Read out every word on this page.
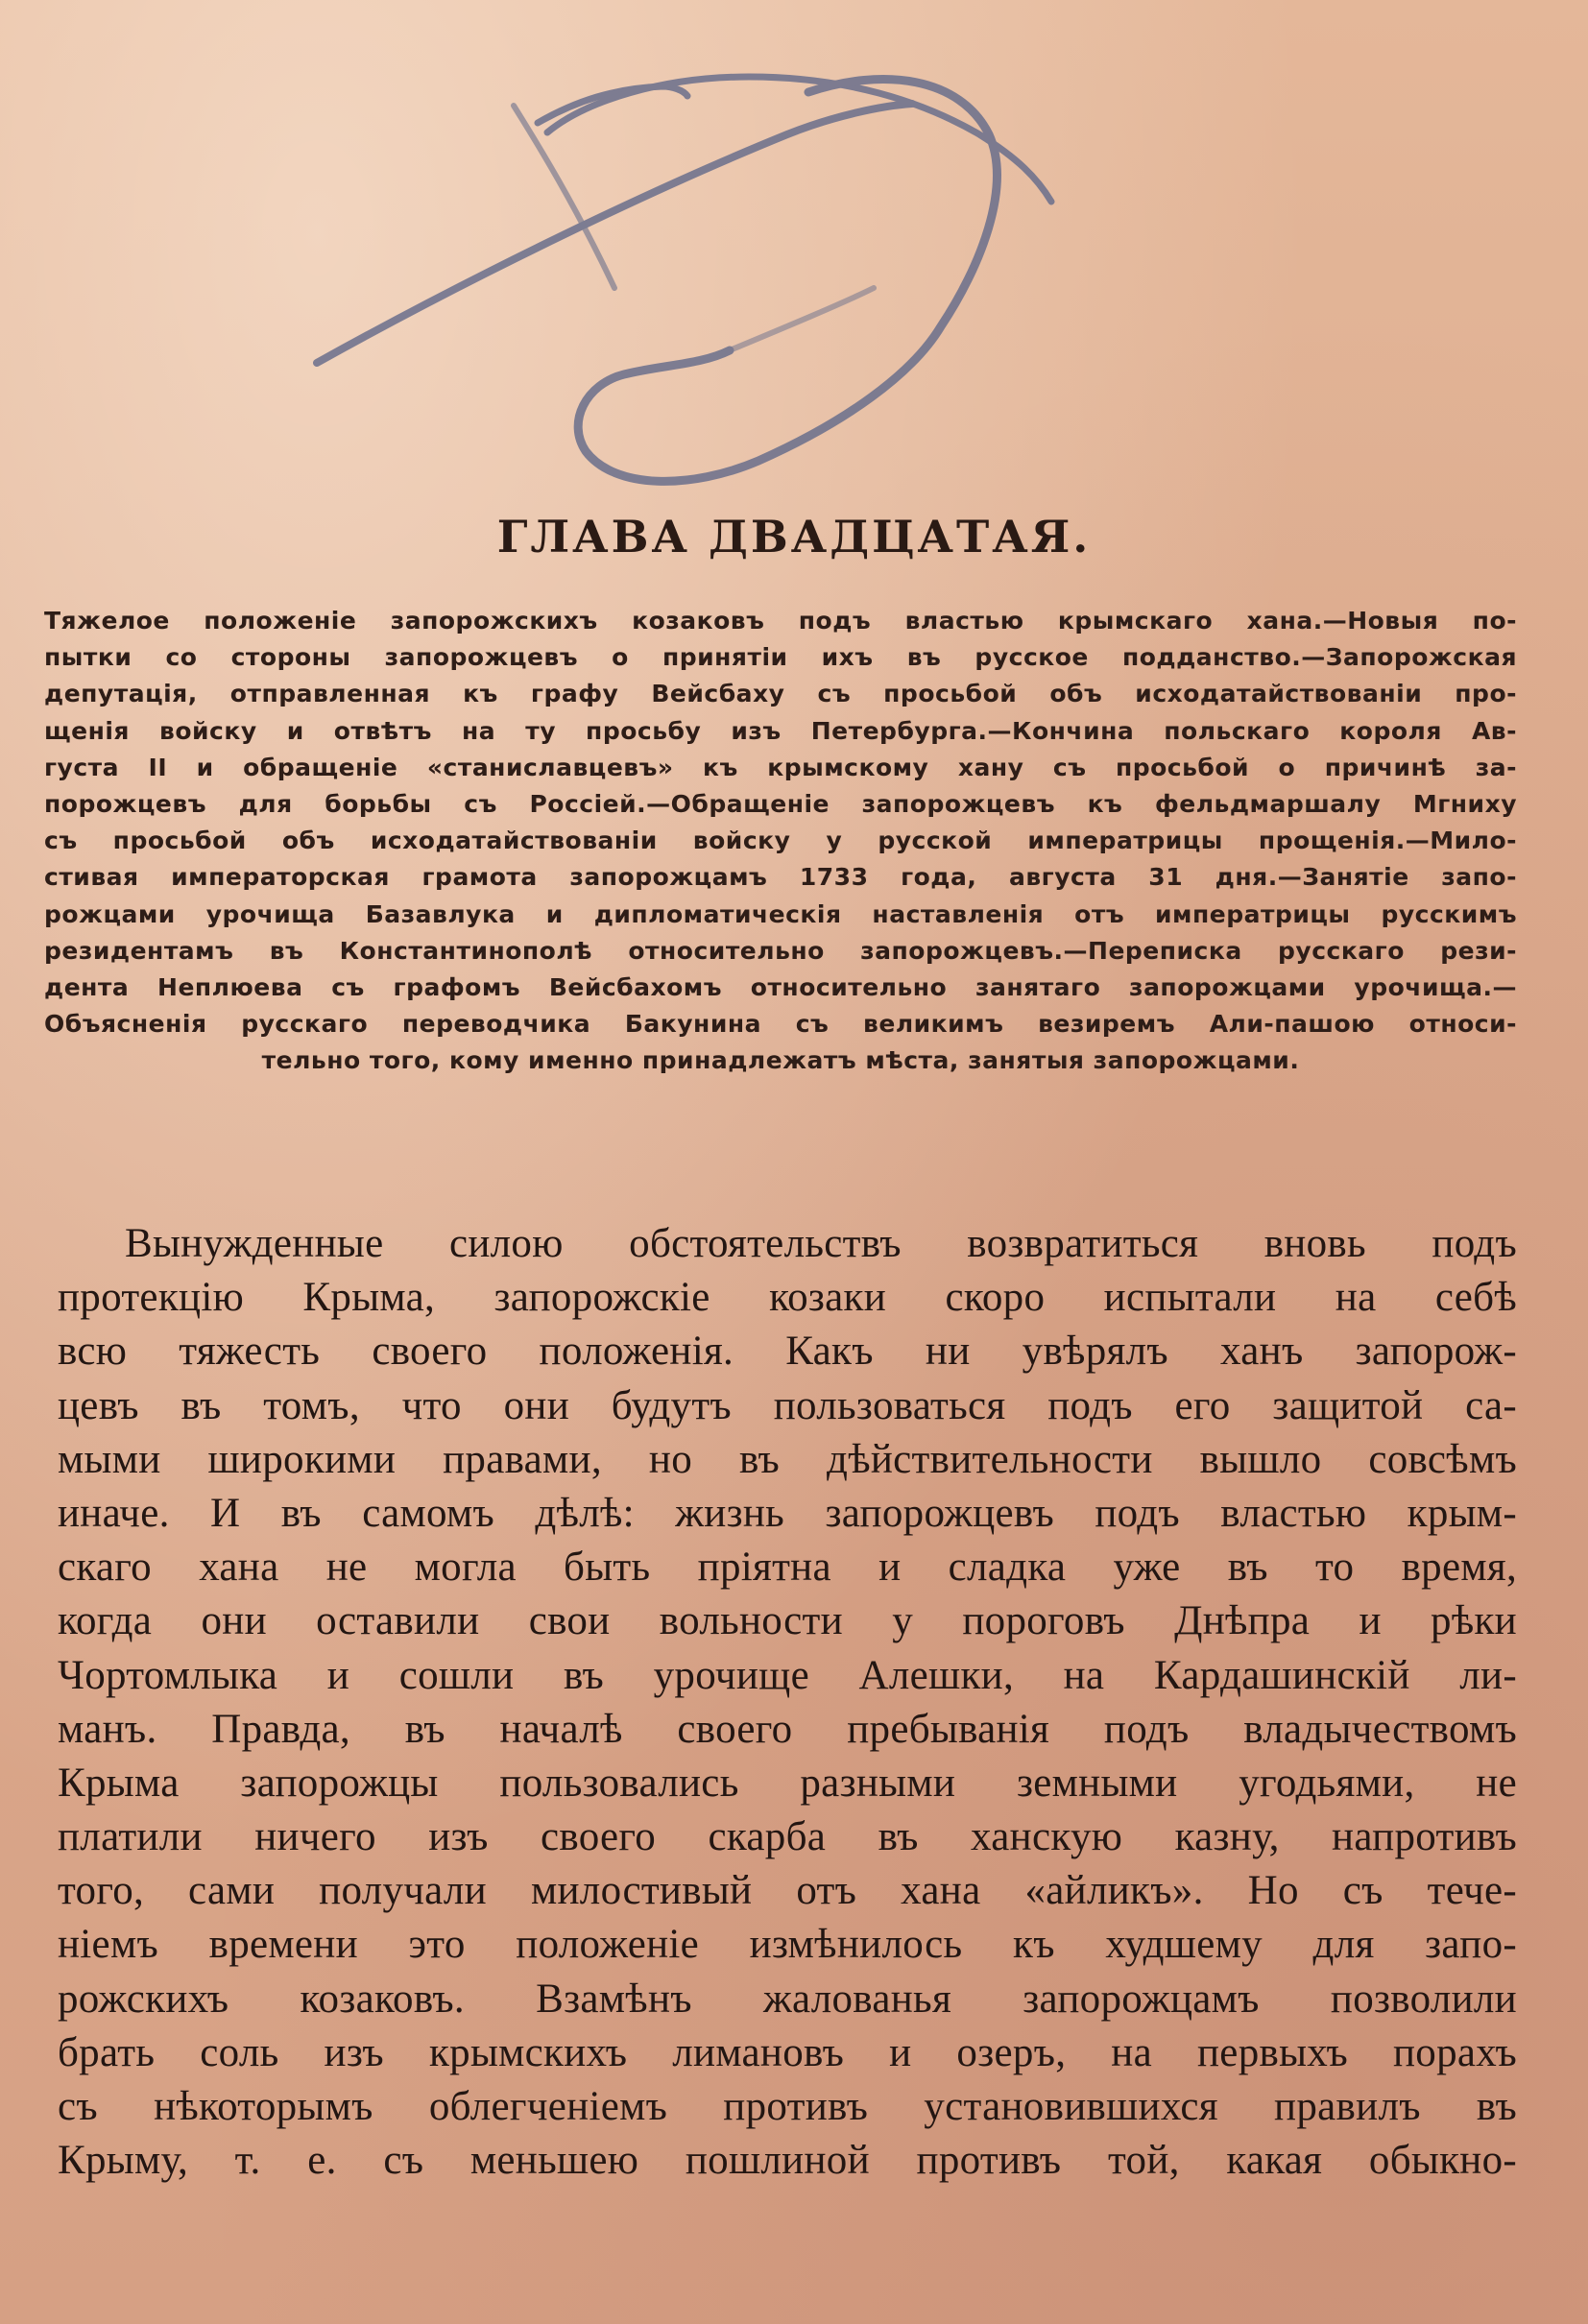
ГЛАВА ДВАДЦАТАЯ.
Тяжелое положенiе запорожскихъ козаковъ подъ властью крымскаго хана.—Новыя по-
пытки со стороны запорожцевъ о принятiи ихъ въ русское подданство.—Запорожская
депутацiя, отправленная къ графу Вейсбаху съ просьбой объ исходатайствованiи про-
щенiя войску и отвѣтъ на ту просьбу изъ Петербурга.—Кончина польскаго короля Ав-
густа II и обращенiе «станиславцевъ» къ крымскому хану съ просьбой о причинѣ за-
порожцевъ для борьбы съ Россiей.—Обращенiе запорожцевъ къ фельдмаршалу Мгниху
съ просьбой объ исходатайствованiи войску у русской императрицы прощенiя.—Мило-
стивая императорская грамота запорожцамъ 1733 года, августа 31 дня.—Занятiе запо-
рожцами урочища Базавлука и дипломатическiя наставленiя отъ императрицы русскимъ
резидентамъ въ Константинополѣ относительно запорожцевъ.—Переписка русскаго рези-
дента Неплюева съ графомъ Вейсбахомъ относительно занятаго запорожцами урочища.—
Объясненiя русскаго переводчика Бакунина съ великимъ везиремъ Али-пашою относи-
тельно того, кому именно принадлежатъ мѣста, занятыя запорожцами.
Вынужденные силою обстоятельствъ возвратиться вновь подъ
протекцiю Крыма, запорожскiе козаки скоро испытали на себѣ
всю тяжесть своего положенiя. Какъ ни увѣрялъ ханъ запорож-
цевъ въ томъ, что они будутъ пользоваться подъ его защитой са-
мыми широкими правами, но въ дѣйствительности вышло совсѣмъ
иначе. И въ самомъ дѣлѣ: жизнь запорожцевъ подъ властью крым-
скаго хана не могла быть прiятна и сладка уже въ то время,
когда они оставили свои вольности у пороговъ Днѣпра и рѣки
Чортомлыка и сошли въ урочище Алешки, на Кардашинскiй ли-
манъ. Правда, въ началѣ своего пребыванiя подъ владычествомъ
Крыма запорожцы пользовались разными земными угодьями, не
платили ничего изъ своего скарба въ ханскую казну, напротивъ
того, сами получали милостивый отъ хана «айликъ». Но съ тече-
нiемъ времени это положенiе измѣнилось къ худшему для запо-
рожскихъ козаковъ. Взамѣнъ жалованья запорожцамъ позволили
брать соль изъ крымскихъ лимановъ и озеръ, на первыхъ порахъ
съ нѣкоторымъ облегченiемъ противъ установившихся правилъ въ
Крыму, т. е. съ меньшею пошлиной противъ той, какая обыкно-
